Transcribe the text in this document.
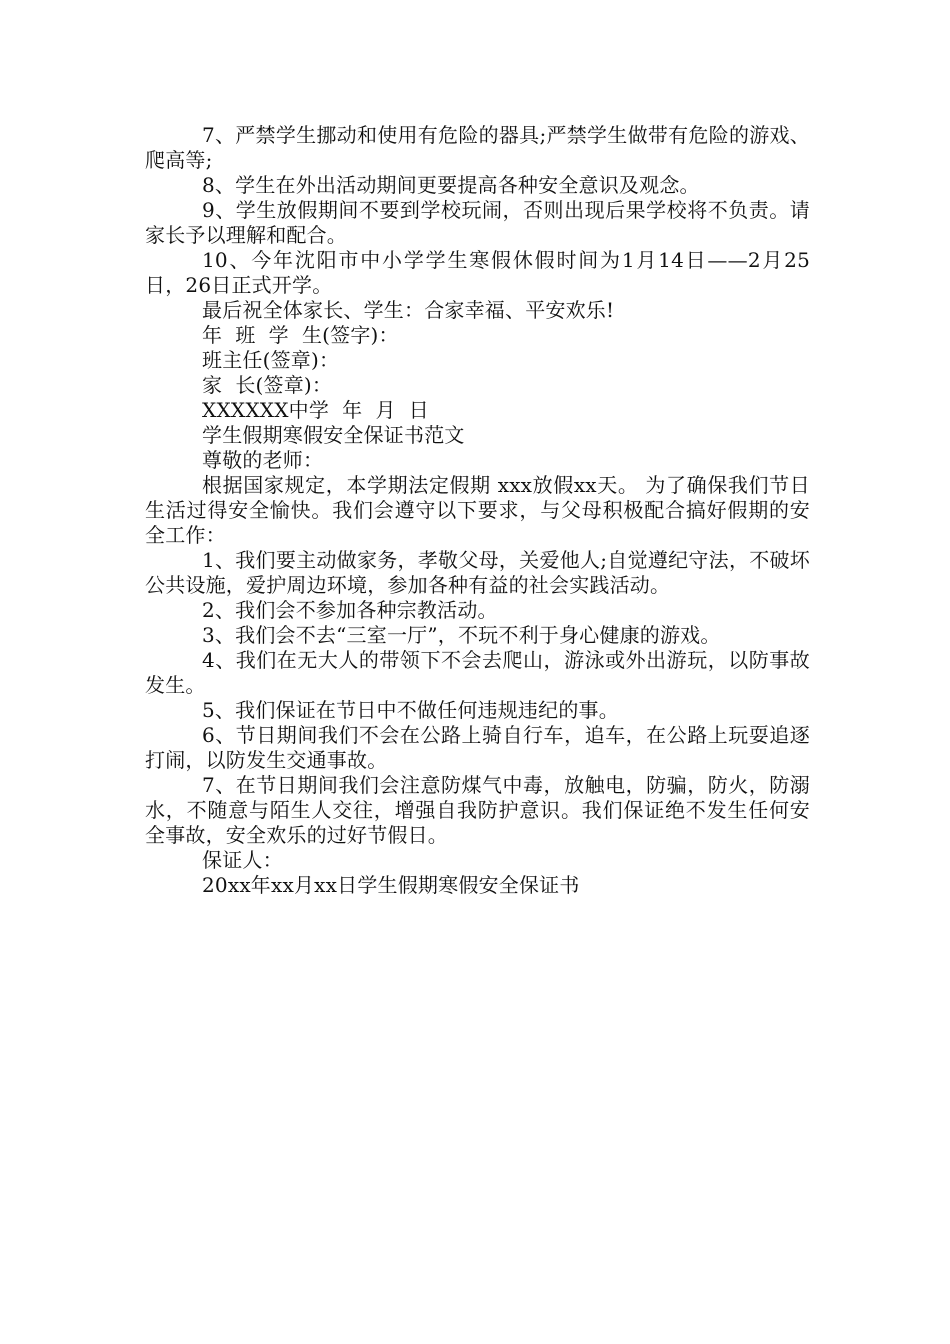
7、严禁学生挪动和使用有危险的器具;严禁学生做带有危险的游戏、爬高等;

8、学生在外出活动期间更要提高各种安全意识及观念。

9、学生放假期间不要到学校玩闹，否则出现后果学校将不负责。请家长予以理解和配合。

10、今年沈阳市中小学学生寒假休假时间为1月14日——2月25日，26日正式开学。

最后祝全体家长、学生：合家幸福、平安欢乐!

年  班  学  生(签字)：

班主任(签章)：

家  长(签章)：

XXXXXX中学  年  月  日

学生假期寒假安全保证书范文

尊敬的老师：

根据国家规定，本学期法定假期 xxx放假xx天。 为了确保我们节日生活过得安全愉快。我们会遵守以下要求，与父母积极配合搞好假期的安全工作：

1、我们要主动做家务，孝敬父母，关爱他人;自觉遵纪守法，不破坏公共设施，爱护周边环境，参加各种有益的社会实践活动。

2、我们会不参加各种宗教活动。

3、我们会不去“三室一厅”，不玩不利于身心健康的游戏。

4、我们在无大人的带领下不会去爬山，游泳或外出游玩，以防事故发生。

5、我们保证在节日中不做任何违规违纪的事。

6、节日期间我们不会在公路上骑自行车，追车，在公路上玩耍追逐打闹，以防发生交通事故。

7、在节日期间我们会注意防煤气中毒，放触电，防骗，防火，防溺水，不随意与陌生人交往，增强自我防护意识。我们保证绝不发生任何安全事故，安全欢乐的过好节假日。

保证人：

20xx年xx月xx日学生假期寒假安全保证书
